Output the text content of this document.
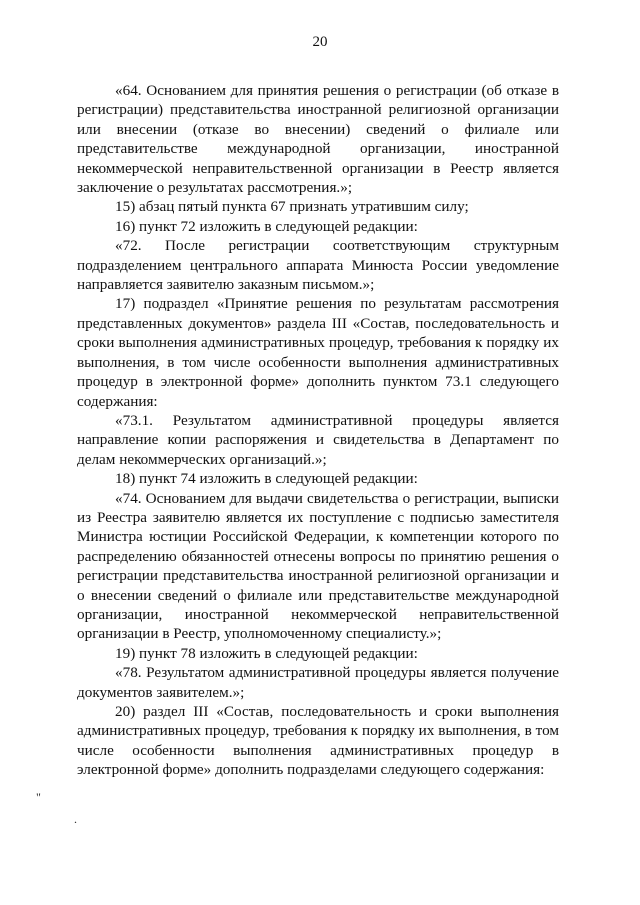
20

«64. Основанием для принятия решения о регистрации (об отказе в регистрации) представительства иностранной религиозной организации или внесении (отказе во внесении) сведений о филиале или представительстве международной организации, иностранной некоммерческой неправительственной организации в Реестр является заключение о результатах рассмотрения.»;

15) абзац пятый пункта 67 признать утратившим силу;

16) пункт 72 изложить в следующей редакции:

«72. После регистрации соответствующим структурным подразделением центрального аппарата Минюста России уведомление направляется заявителю заказным письмом.»;

17) подраздел «Принятие решения по результатам рассмотрения представленных документов» раздела III «Состав, последовательность и сроки выполнения административных процедур, требования к порядку их выполнения, в том числе особенности выполнения административных процедур в электронной форме» дополнить пунктом 73.1 следующего содержания:

«73.1. Результатом административной процедуры является направление копии распоряжения и свидетельства в Департамент по делам некоммерческих организаций.»;

18) пункт 74 изложить в следующей редакции:

«74. Основанием для выдачи свидетельства о регистрации, выписки из Реестра заявителю является их поступление с подписью заместителя Министра юстиции Российской Федерации, к компетенции которого по распределению обязанностей отнесены вопросы по принятию решения о регистрации представительства иностранной религиозной организации и о внесении сведений о филиале или представительстве международной организации, иностранной некоммерческой неправительственной организации в Реестр, уполномоченному специалисту.»;

19) пункт 78 изложить в следующей редакции:

«78. Результатом административной процедуры является получение документов заявителем.»;

20) раздел III «Состав, последовательность и сроки выполнения административных процедур, требования к порядку их выполнения, в том числе особенности выполнения административных процедур в электронной форме» дополнить подразделами следующего содержания:

"
.
